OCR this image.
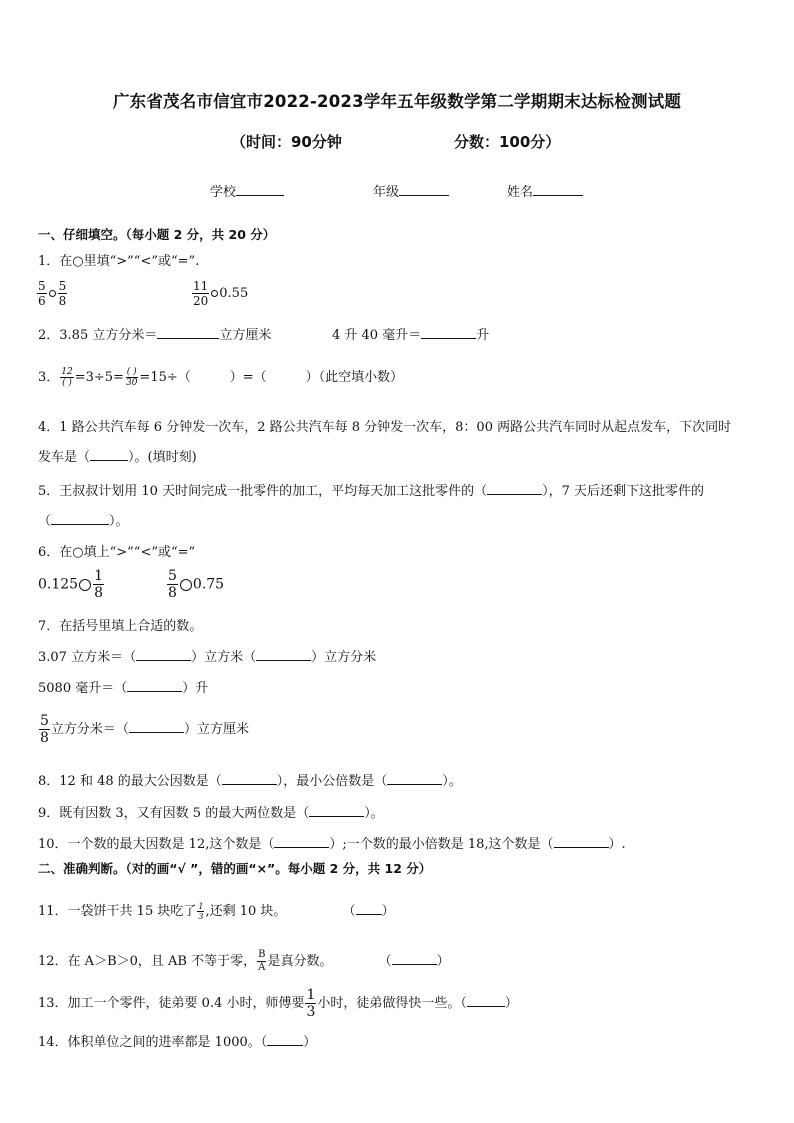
广东省茂名市信宜市2022-2023学年五年级数学第二学期期末达标检测试题
（时间：90分钟	分数：100分）
学校	年级	姓名
一、仔细填空。（每小题 2 分，共 20 分）
1．在○里填“>”“<”或“=”.
$\frac{5}{6} \frac{5}{8}$	$\frac{11}{20} 0.55$
2．3.85 立方分米＝	立方厘米	4 升 40 毫升＝	升
3． $\frac{12}{( )} =3\div 5= \frac{( )}{30} =15\div$（　　　）=（　　　）（此空填小数）
4．1 路公共汽车每 6 分钟发一次车，2 路公共汽车每 8 分钟发一次车，8：00 两路公共汽车同时从起点发车，下次同时
发车是（	）。(填时刻)
5．王叔叔计划用 10 天时间完成一批零件的加工，平均每天加工这批零件的（	），7 天后还剩下这批零件的
（	）。
6．在○填上“>”“<”或“=”
$0.125 \frac{1}{8}$	$\frac{5}{8} 0.75$
7．在括号里填上合适的数。
3.07 立方米＝（	）立方米（	）立方分米
5080 毫升＝（	）升
$\frac{5}{8}$ 立方分米＝（	）立方厘米
8．12 和 48 的最大公因数是（	），最小公倍数是（	）。
9．既有因数 3，又有因数 5 的最大两位数是（	）。
10．一个数的最大因数是 12,这个数是（	）;一个数的最小倍数是 18,这个数是（	）.
二、准确判断。（对的画“√ ”，错的画“×”。每小题 2 分，共 12 分）
11．一袋饼干共 15 块吃了 $\frac{1}{3}$ ,还剩 10 块。	（ ）
12．在 A＞B＞0，且 AB 不等于零， $\frac{B}{A}$ 是真分数。	（	）
13．加工一个零件，徒弟要 0.4 小时，师傅要 $\frac{1}{3}$ 小时，徒弟做得快一些。（	）
14．体积单位之间的进率都是 1000。（	）
